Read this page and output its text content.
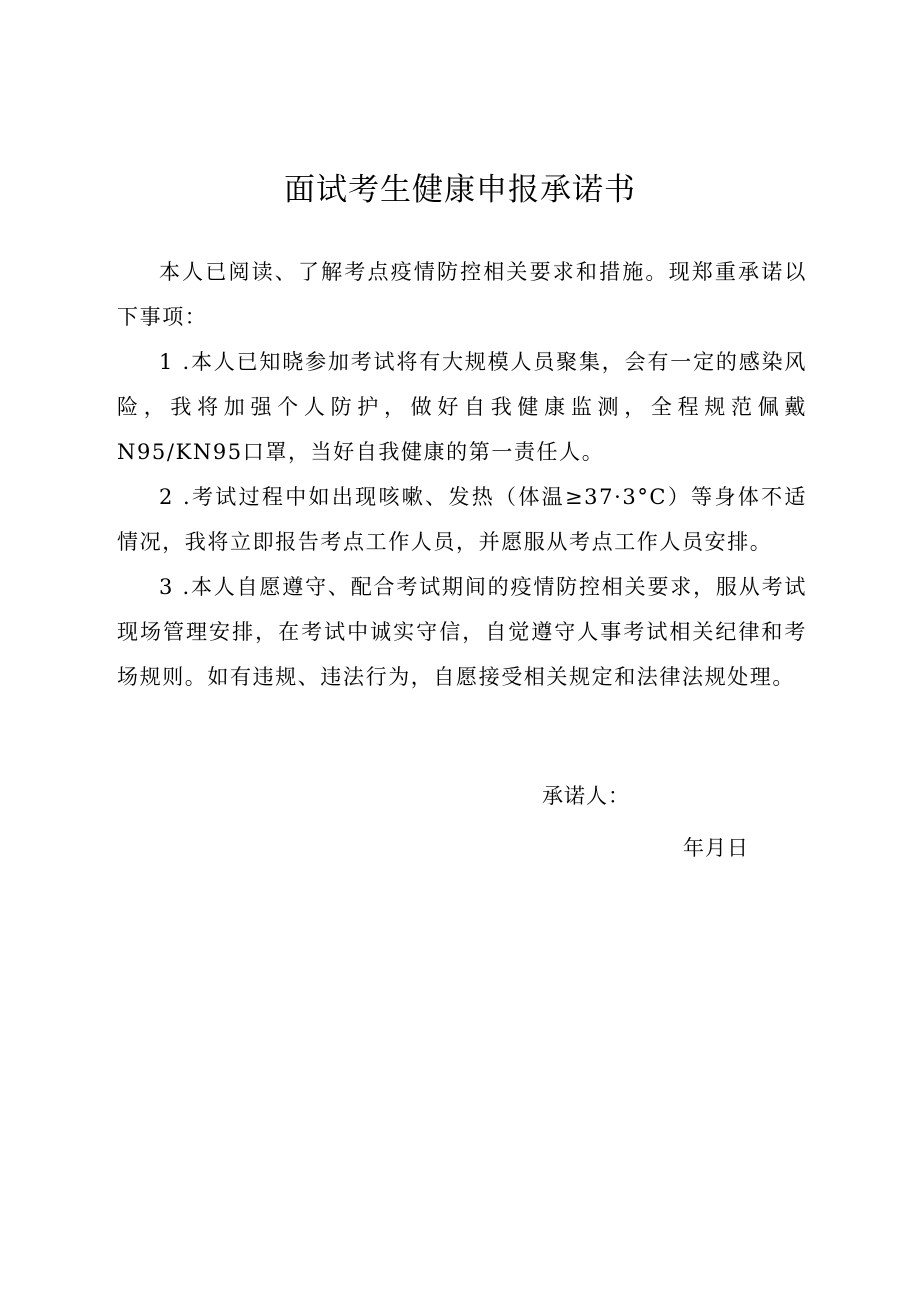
面试考生健康申报承诺书

本人已阅读、了解考点疫情防控相关要求和措施。现郑重承诺以下事项：

1 .本人已知晓参加考试将有大规模人员聚集，会有一定的感染风险，我将加强个人防护，做好自我健康监测，全程规范佩戴N95/KN95口罩，当好自我健康的第一责任人。

2 .考试过程中如出现咳嗽、发热（体温≥37·3°C）等身体不适情况，我将立即报告考点工作人员，并愿服从考点工作人员安排。

3 .本人自愿遵守、配合考试期间的疫情防控相关要求，服从考试现场管理安排，在考试中诚实守信，自觉遵守人事考试相关纪律和考场规则。如有违规、违法行为，自愿接受相关规定和法律法规处理。

承诺人：

年月日
